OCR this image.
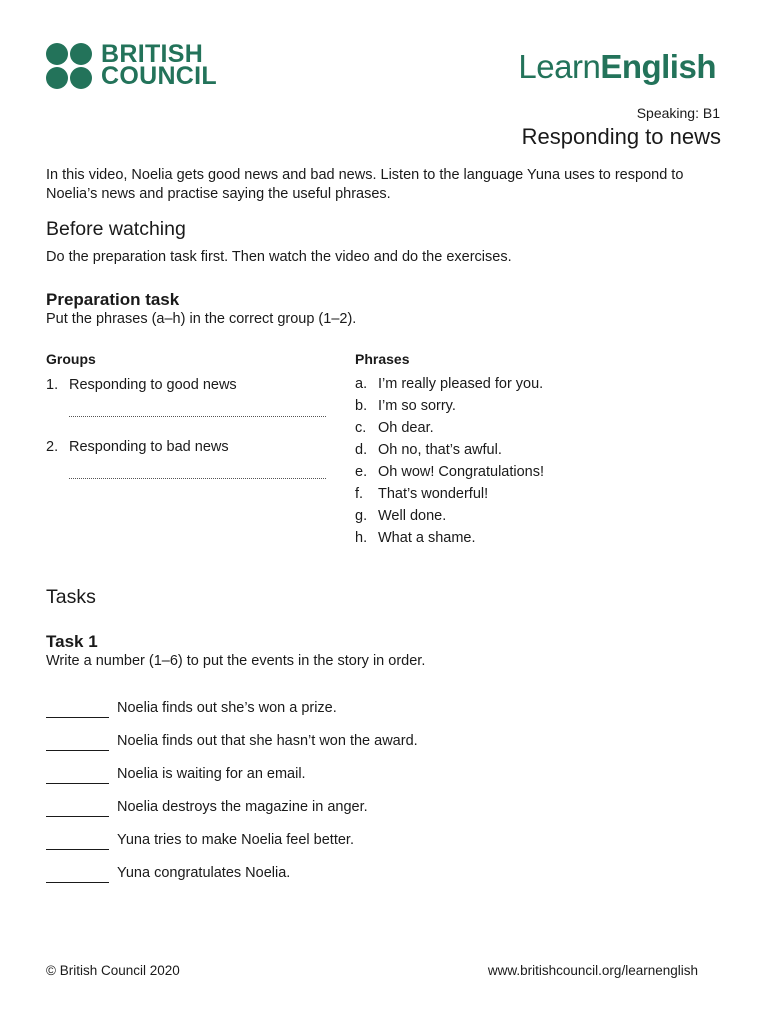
BRITISH
COUNCIL	LearnEnglish
Speaking: B1
Responding to news
In this video, Noelia gets good news and bad news. Listen to the language Yuna uses to respond to Noelia’s news and practise saying the useful phrases.
Before watching
Do the preparation task first. Then watch the video and do the exercises.
Preparation task
Put the phrases (a–h) in the correct group (1–2).
Groups
1. Responding to good news
2. Responding to bad news
Phrases
a. I’m really pleased for you.
b. I’m so sorry.
c. Oh dear.
d. Oh no, that’s awful.
e. Oh wow! Congratulations!
f. That’s wonderful!
g. Well done.
h. What a shame.
Tasks
Task 1
Write a number (1–6) to put the events in the story in order.
Noelia finds out she’s won a prize.
Noelia finds out that she hasn’t won the award.
Noelia is waiting for an email.
Noelia destroys the magazine in anger.
Yuna tries to make Noelia feel better.
Yuna congratulates Noelia.
© British Council 2020	www.britishcouncil.org/learnenglish
